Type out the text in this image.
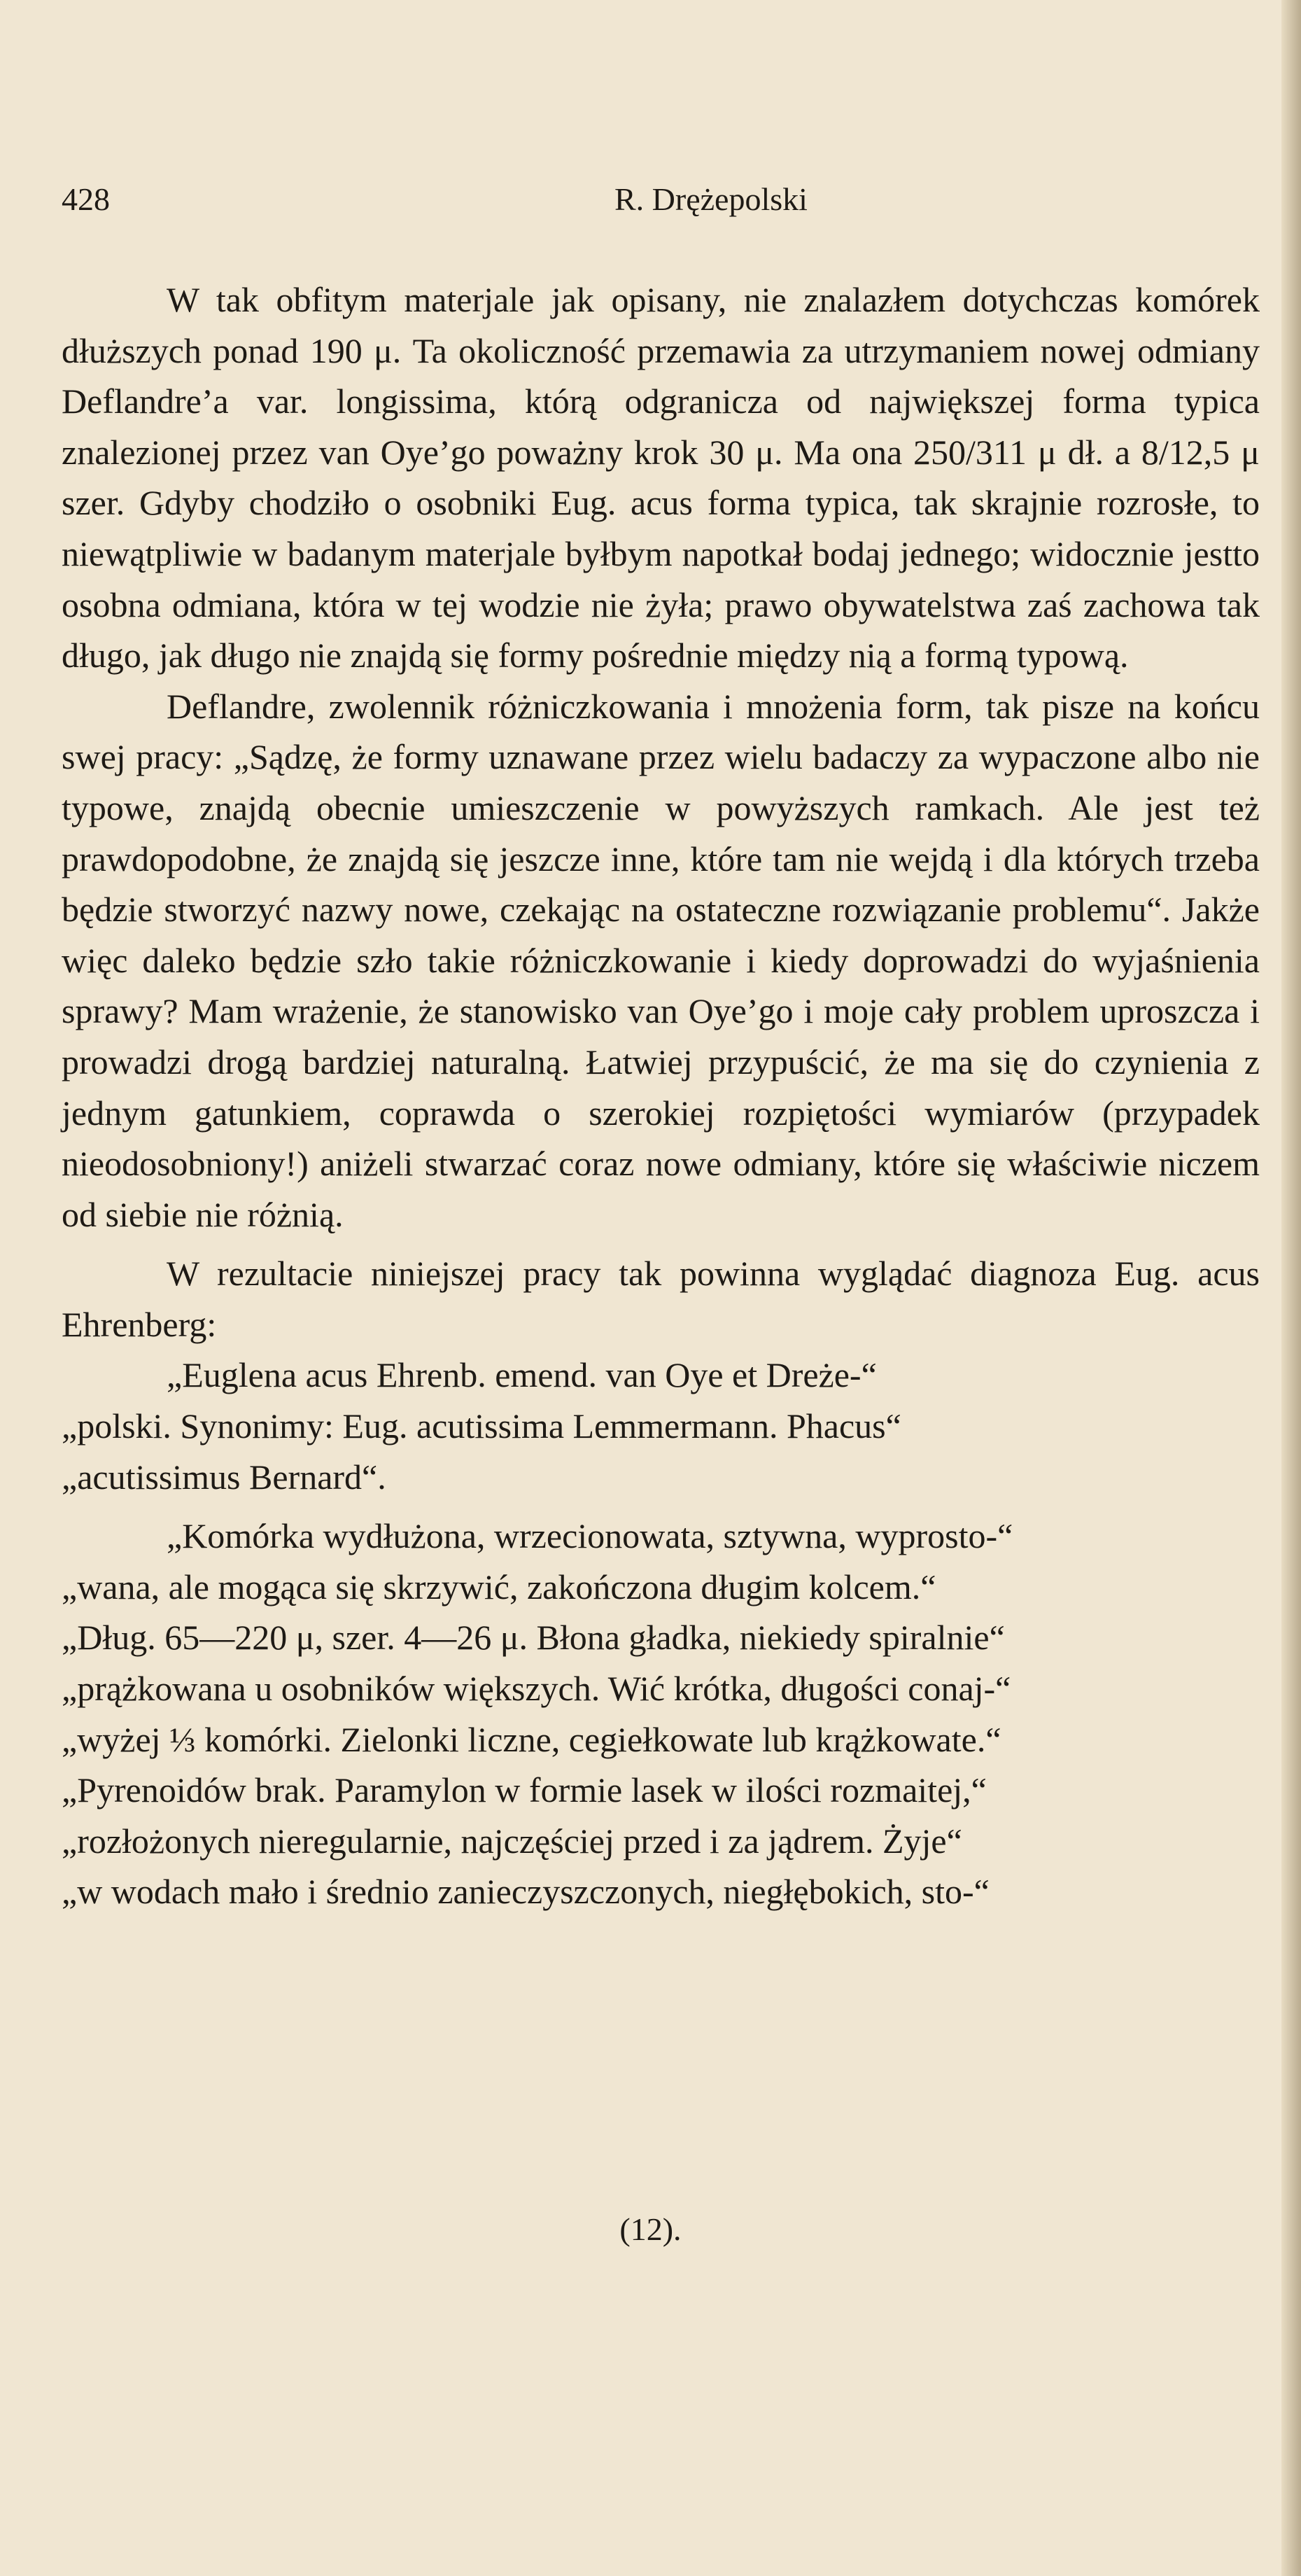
428	R. Drężepolski

W tak obfitym materjale jak opisany, nie znalazłem dotychczas komórek dłuższych ponad 190 μ. Ta okoliczność przemawia za utrzymaniem nowej odmiany Deflandre’a var. longissima, którą odgranicza od największej forma typica znalezionej przez van Oye’go poważny krok 30 μ. Ma ona 250/311 μ dł. a 8/12,5 μ szer. Gdyby chodziło o osobniki Eug. acus forma typica, tak skrajnie rozrosłe, to niewątpliwie w badanym materjale byłbym napotkał bodaj jednego; widocznie jestto osobna odmiana, która w tej wodzie nie żyła; prawo obywatelstwa zaś zachowa tak długo, jak długo nie znajdą się formy pośrednie między nią a formą typową.

Deflandre, zwolennik różniczkowania i mnożenia form, tak pisze na końcu swej pracy: „Sądzę, że formy uznawane przez wielu badaczy za wypaczone albo nie typowe, znajdą obecnie umieszczenie w powyższych ramkach. Ale jest też prawdopodobne, że znajdą się jeszcze inne, które tam nie wejdą i dla których trzeba będzie stworzyć nazwy nowe, czekając na ostateczne rozwiązanie problemu“. Jakże więc daleko będzie szło takie różniczkowanie i kiedy doprowadzi do wyjaśnienia sprawy? Mam wrażenie, że stanowisko van Oye’go i moje cały problem uproszcza i prowadzi drogą bardziej naturalną. Łatwiej przypuścić, że ma się do czynienia z jednym gatunkiem, coprawda o szerokiej rozpiętości wymiarów (przypadek nieodosobniony!) aniżeli stwarzać coraz nowe odmiany, które się właściwie niczem od siebie nie różnią.

W rezultacie niniejszej pracy tak powinna wyglądać diagnoza Eug. acus Ehrenberg:

„Euglena acus Ehrenb. emend. van Oye et Dreże-“
„polski. Synonimy: Eug. acutissima Lemmermann. Phacus“
„acutissimus Bernard“.
„Komórka wydłużona, wrzecionowata, sztywna, wyprosto-“
„wana, ale mogąca się skrzywić, zakończona długim kolcem.“
„Dług. 65—220 μ, szer. 4—26 μ. Błona gładka, niekiedy spiralnie“
„prążkowana u osobników większych. Wić krótka, długości conaj-“
„wyżej ⅓ komórki. Zielonki liczne, cegiełkowate lub krążkowate.“
„Pyrenoidów brak. Paramylon w formie lasek w ilości rozmaitej,“
„rozłożonych nieregularnie, najczęściej przed i za jądrem. Żyje“
„w wodach mało i średnio zanieczyszczonych, niegłębokich, sto-“
(12).
